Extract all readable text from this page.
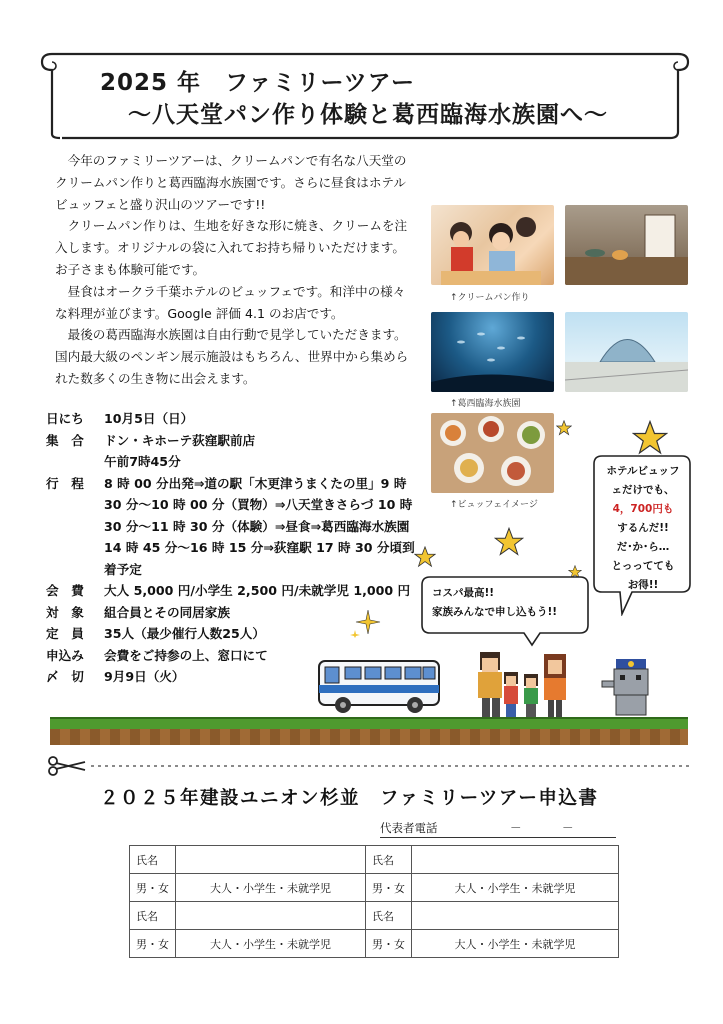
2025 年　ファミリーツアー
～八天堂パン作り体験と葛西臨海水族園へ～

今年のファミリーツアーは、クリームパンで有名な八天堂のクリームパン作りと葛西臨海水族園です。さらに昼食はホテルビュッフェと盛り沢山のツアーです!!

クリームパン作りは、生地を好きな形に焼き、クリームを注入します。オリジナルの袋に入れてお持ち帰りいただけます。お子さまも体験可能です。

昼食はオークラ千葉ホテルのビュッフェです。和洋中の様々な料理が並びます。Google 評価 4.1 のお店です。

最後の葛西臨海水族園は自由行動で見学していただきます。国内最大級のペンギン展示施設はもちろん、世界中から集められた数多くの生き物に出会えます。

日にち	10月5日（日）
集　合	ドン・キホーテ荻窪駅前店
午前7時45分
行　程	8 時 00 分出発⇒道の駅「木更津うまくたの里」9 時 30 分～10 時 00 分（買物）⇒八天堂きさらづ 10 時 30 分～11 時 30 分（体験）⇒昼食⇒葛西臨海水族園 14 時 45 分～16 時 15 分⇒荻窪駅 17 時 30 分頃到着予定
会　費	大人 5,000 円/小学生 2,500 円/未就学児 1,000 円
対　象	組合員とその同居家族
定　員	35人（最少催行人数25人）
申込み	会費をご持参の上、窓口にて
〆　切	9月9日（火）
↑クリームパン作り
↑葛西臨海水族園
↑ビュッフェイメージ
ホテルビュッフ
ェだけでも、
4，700円も
するんだ!!
だ･か･ら…
とっってても
お得!!
コスパ最高!!
家族みんなで申し込もう!!
２０２５年建設ユニオン杉並　ファミリーツアー申込書
代表者電話	－	－
氏名		氏名	
男・女	大人・小学生・未就学児	男・女	大人・小学生・未就学児
氏名		氏名	
男・女	大人・小学生・未就学児	男・女	大人・小学生・未就学児
